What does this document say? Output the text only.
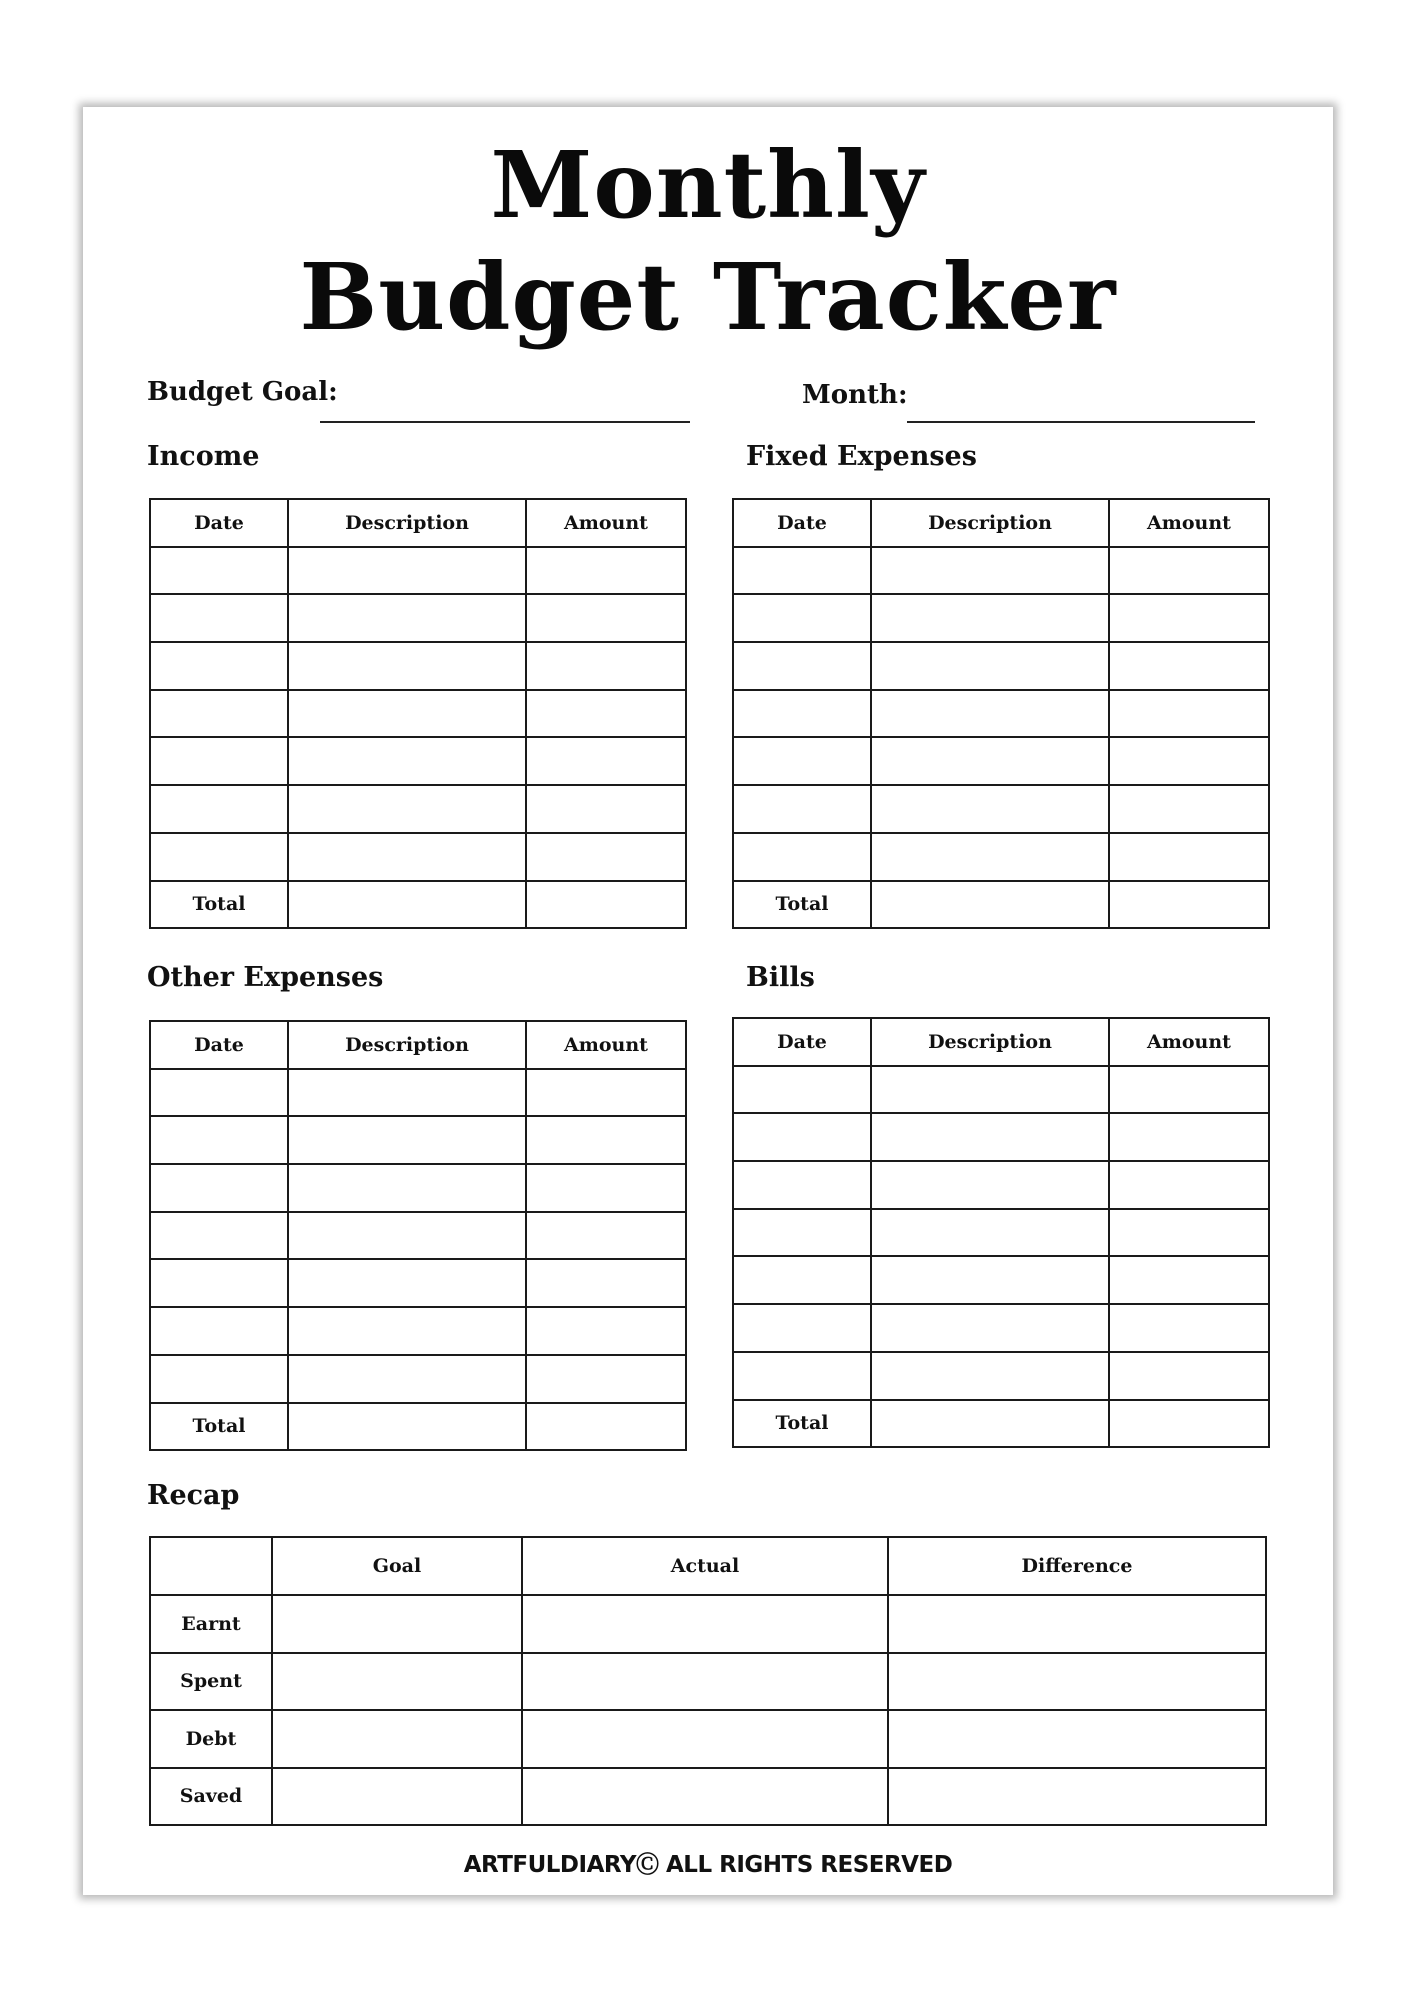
Monthly
Budget Tracker
Budget Goal:	Month:
Income
Date	Description	Amount

Total		
Fixed Expenses
Date	Description	Amount

Total		
Other Expenses
Date	Description	Amount

Total		
Bills
Date	Description	Amount

Total		
Recap
	Goal	Actual	Difference
Earnt			
Spent			
Debt			
Saved			
ARTFULDIARYⒸ ALL RIGHTS RESERVED
